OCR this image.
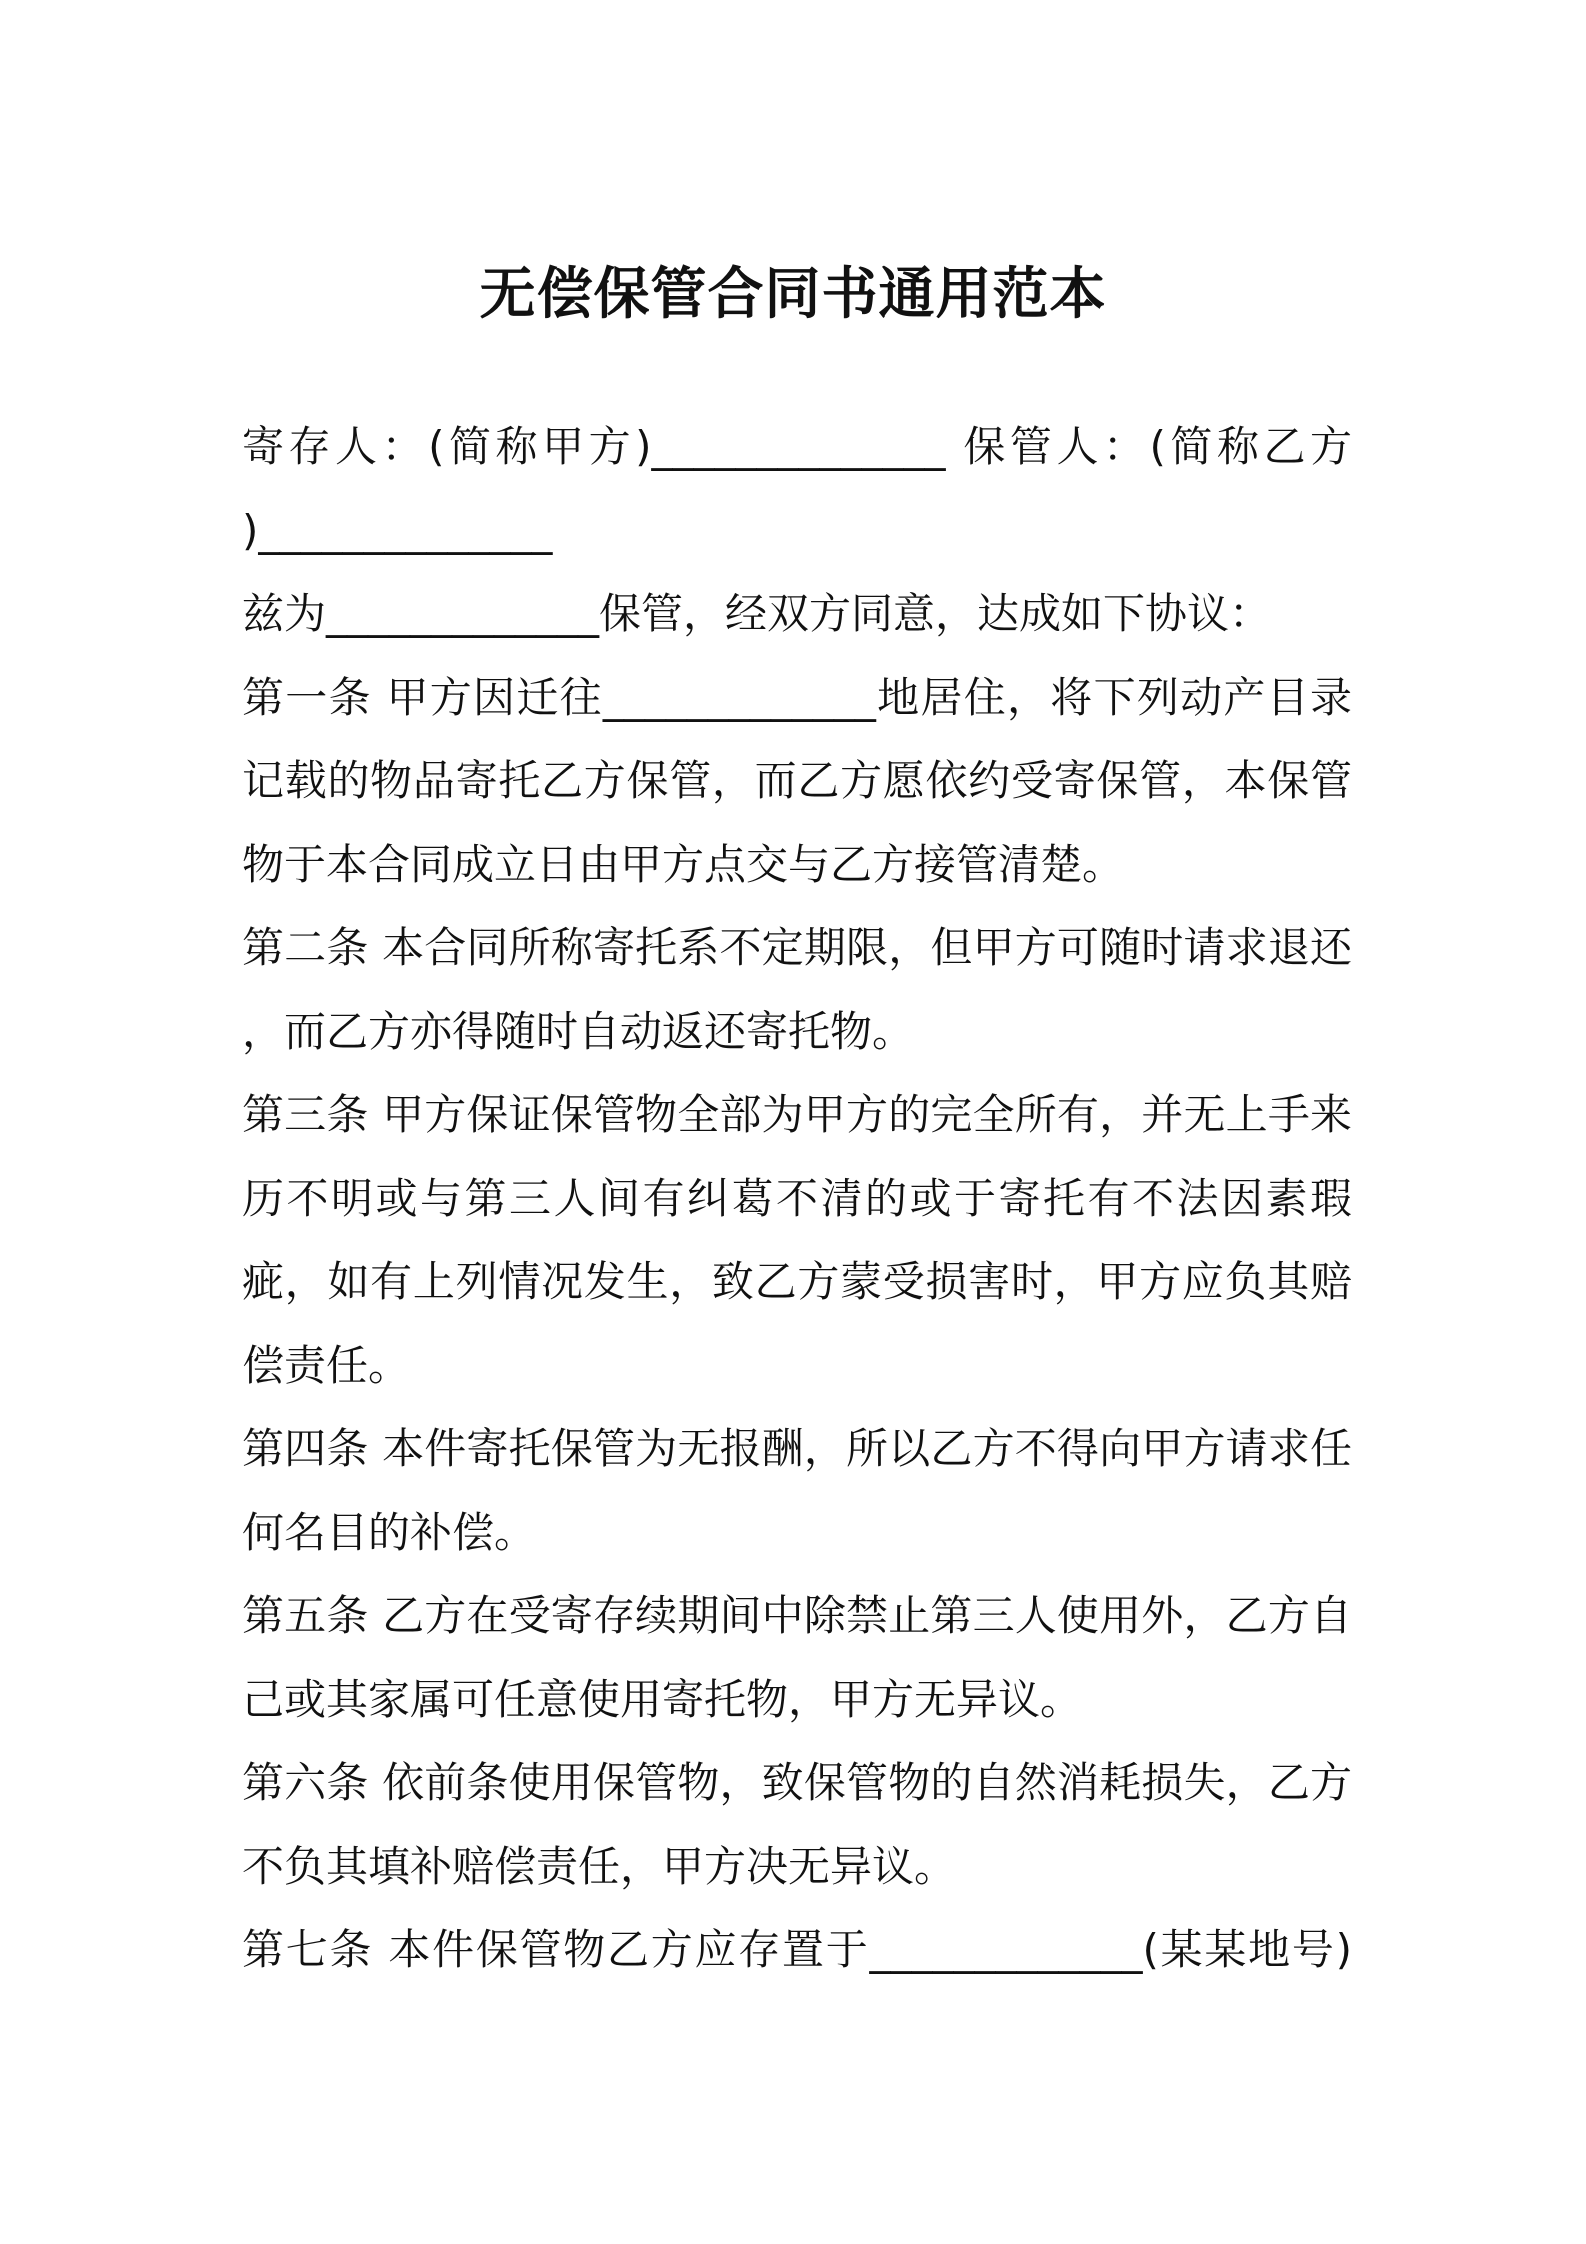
无偿保管合同书通用范本
寄存人：(简称甲方)______________ 保管人：(简称乙方
)______________
兹为_____________保管，经双方同意，达成如下协议：
第一条 甲方因迁往_____________地居住，将下列动产目录
记载的物品寄托乙方保管，而乙方愿依约受寄保管，本保管
物于本合同成立日由甲方点交与乙方接管清楚。
第二条 本合同所称寄托系不定期限，但甲方可随时请求退还
，而乙方亦得随时自动返还寄托物。
第三条 甲方保证保管物全部为甲方的完全所有，并无上手来
历不明或与第三人间有纠葛不清的或于寄托有不法因素瑕
疵，如有上列情况发生，致乙方蒙受损害时，甲方应负其赔
偿责任。
第四条 本件寄托保管为无报酬，所以乙方不得向甲方请求任
何名目的补偿。
第五条 乙方在受寄存续期间中除禁止第三人使用外，乙方自
己或其家属可任意使用寄托物，甲方无异议。
第六条 依前条使用保管物，致保管物的自然消耗损失，乙方
不负其填补赔偿责任，甲方决无异议。
第七条 本件保管物乙方应存置于_____________(某某地号)
